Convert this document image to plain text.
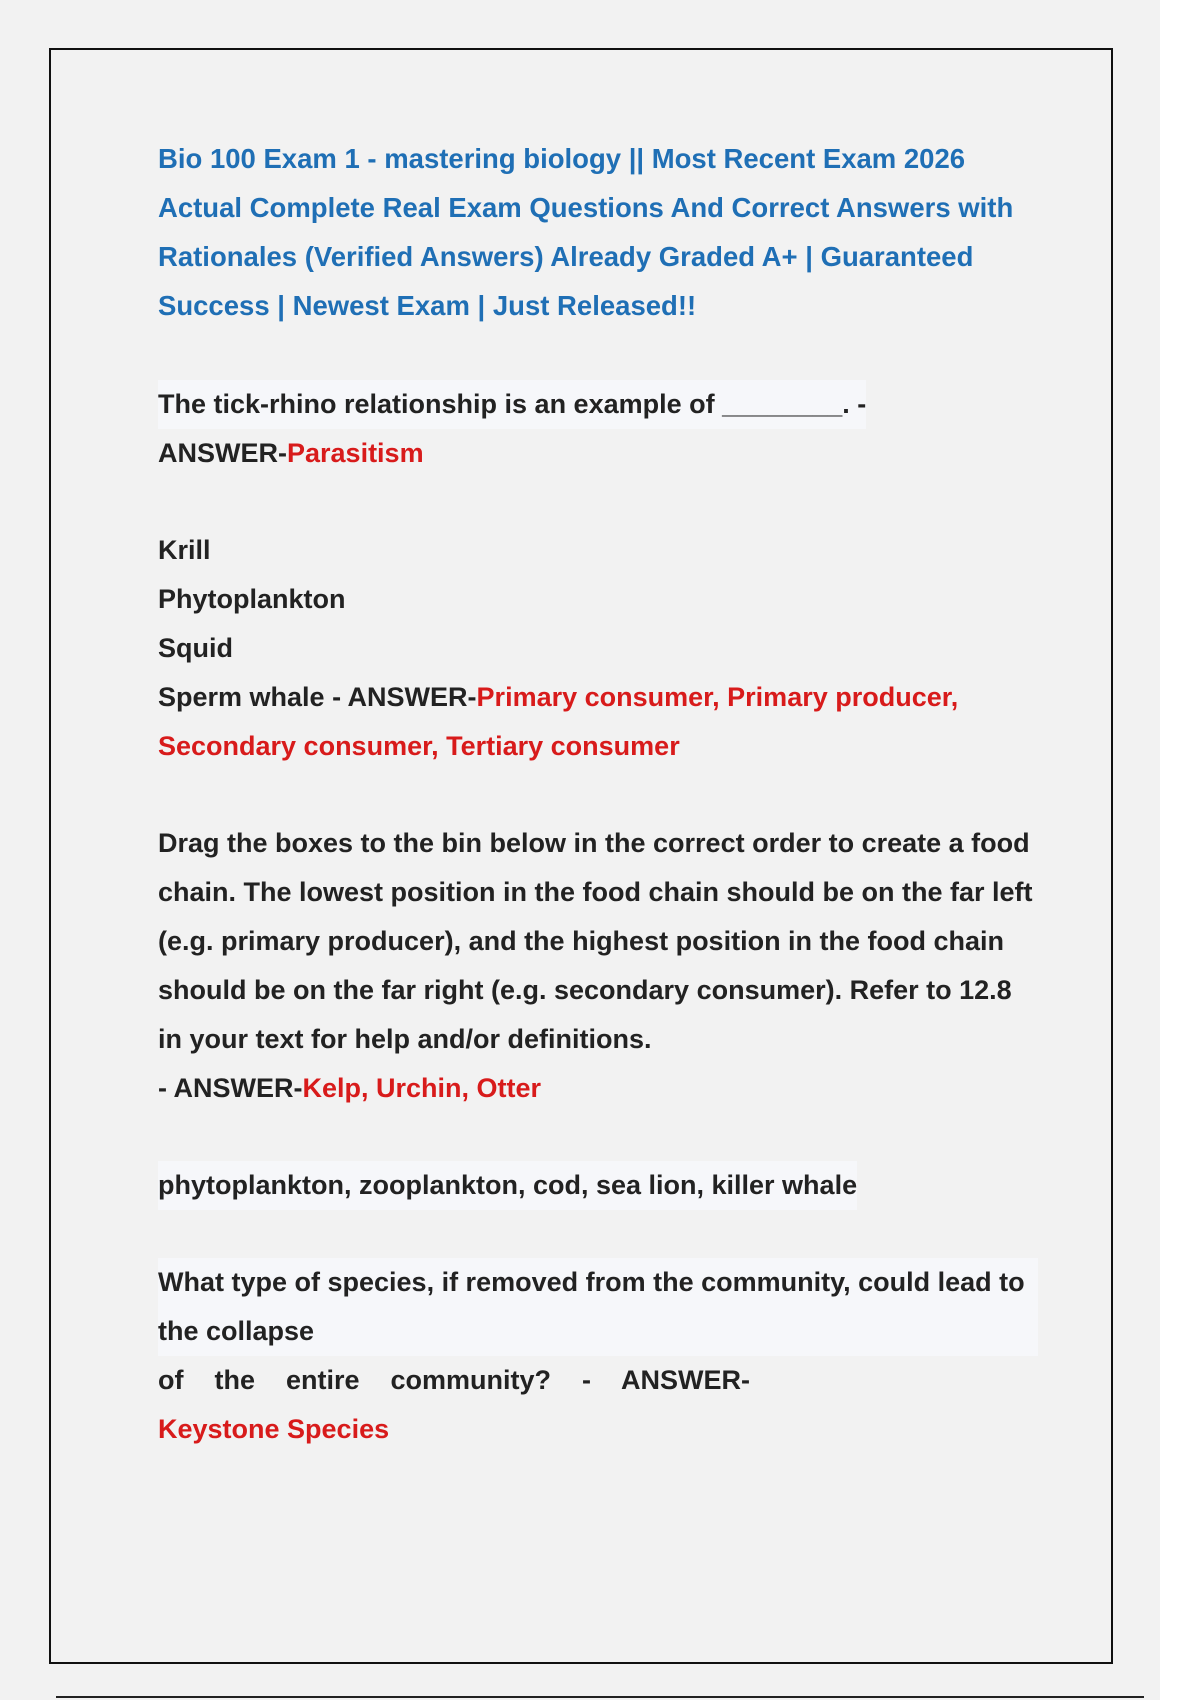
Bio 100 Exam 1 - mastering biology || Most Recent Exam 2026 Actual Complete Real Exam Questions And Correct Answers with Rationales (Verified Answers) Already Graded A+ | Guaranteed Success | Newest Exam | Just Released!!
The tick-rhino relationship is an example of ________. -
ANSWER-Parasitism
Krill
Phytoplankton
Squid
Sperm whale - ANSWER-Primary consumer, Primary producer,
Secondary consumer, Tertiary consumer
Drag the boxes to the bin below in the correct order to create a food chain. The lowest position in the food chain should be on the far left (e.g. primary producer), and the highest position in the food chain should be on the far right (e.g. secondary consumer). Refer to 12.8 in your text for help and/or definitions.
- ANSWER-Kelp, Urchin, Otter
phytoplankton, zooplankton, cod, sea lion, killer whale
What type of species, if removed from the community, could lead to the collapse
of the entire community? - ANSWER-
Keystone Species
